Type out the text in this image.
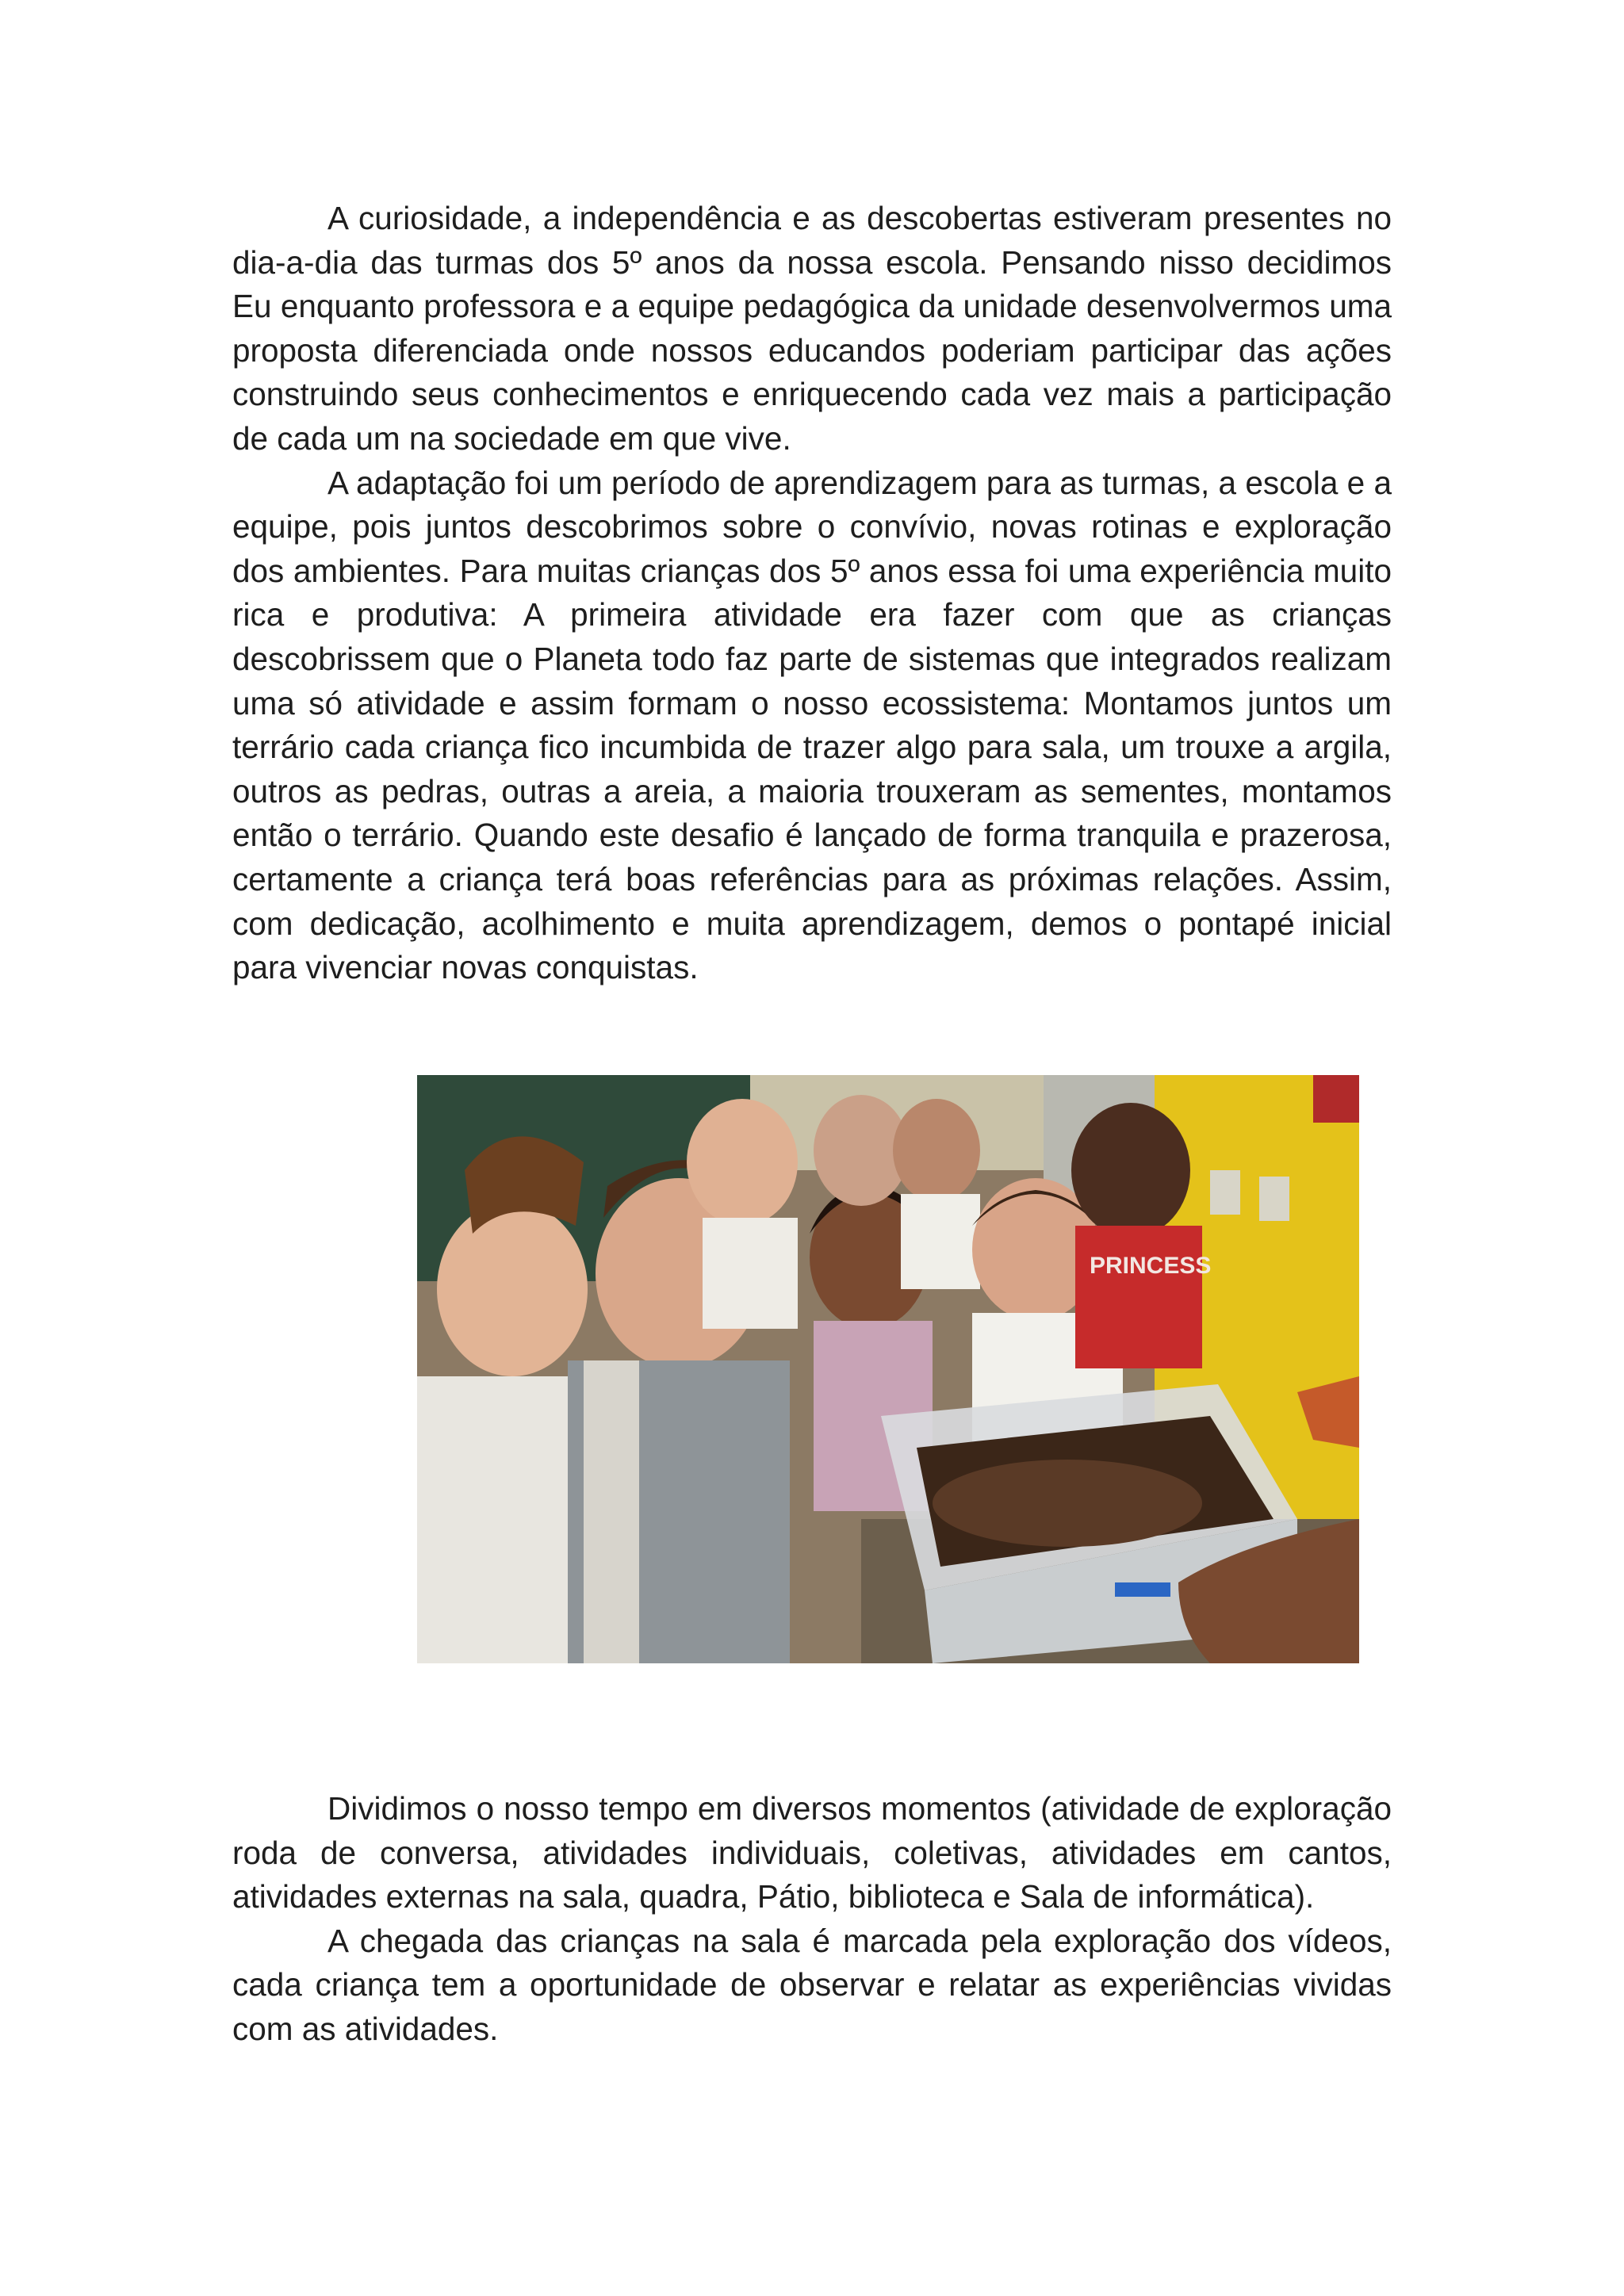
A curiosidade, a independência e as descobertas estiveram presentes no dia-a-dia das turmas dos 5º anos da nossa escola. Pensando nisso decidimos Eu enquanto professora e a equipe pedagógica da unidade desenvolvermos uma proposta diferenciada onde nossos educandos poderiam participar das ações construindo seus conhecimentos e enriquecendo cada vez mais a participação de cada um na sociedade em que vive.

A adaptação foi um período de aprendizagem para as turmas, a escola e a equipe, pois juntos descobrimos sobre o convívio, novas rotinas e exploração dos ambientes. Para muitas crianças dos 5º anos essa foi uma experiência muito rica e produtiva: A primeira atividade era fazer com que as crianças descobrissem que o Planeta todo faz parte de sistemas que integrados realizam uma só atividade e assim formam o nosso ecossistema: Montamos juntos um terrário cada criança fico incumbida de trazer algo para sala, um trouxe a argila, outros as pedras, outras a areia, a maioria trouxeram as sementes, montamos então o terrário. Quando este desafio é lançado de forma tranquila e prazerosa, certamente a criança terá boas referências para as próximas relações. Assim, com dedicação, acolhimento e muita aprendizagem, demos o pontapé inicial para vivenciar novas conquistas.

PRINCESS

Dividimos o nosso tempo em diversos momentos (atividade de exploração roda de conversa, atividades individuais, coletivas, atividades em cantos, atividades externas na sala, quadra, Pátio, biblioteca e Sala de informática).

A chegada das crianças na sala é marcada pela exploração dos vídeos, cada criança tem a oportunidade de observar e relatar as experiências vividas com as atividades.
